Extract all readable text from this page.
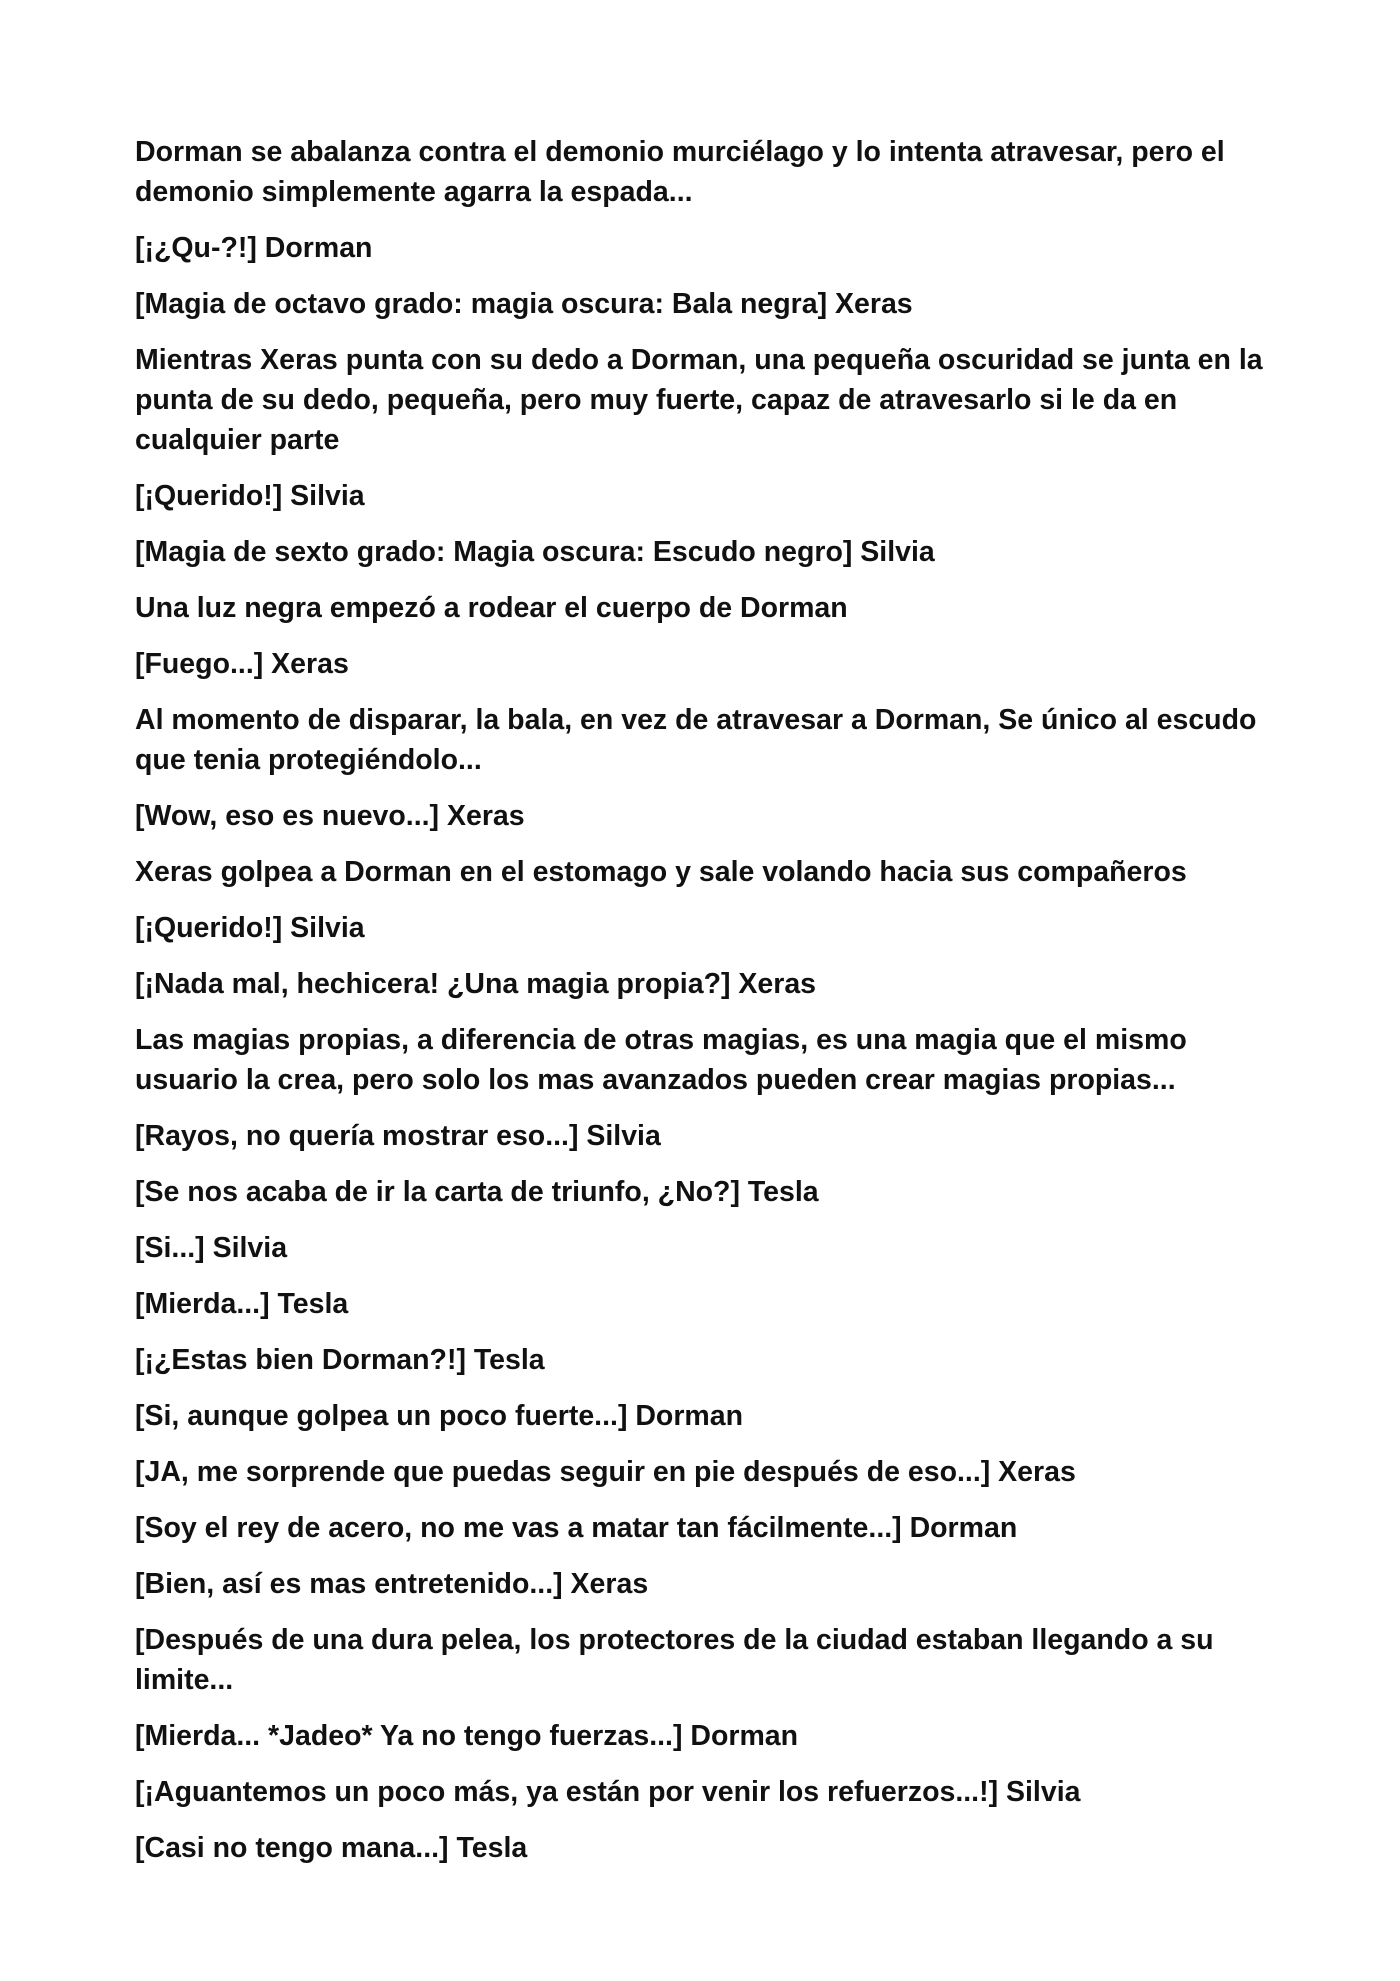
Dorman se abalanza contra el demonio murciélago y lo intenta atravesar, pero el demonio simplemente agarra la espada...

[¡¿Qu-?!] Dorman

[Magia de octavo grado: magia oscura: Bala negra] Xeras

Mientras Xeras punta con su dedo a Dorman, una pequeña oscuridad se junta en la punta de su dedo, pequeña, pero muy fuerte, capaz de atravesarlo si le da en cualquier parte

[¡Querido!] Silvia

[Magia de sexto grado: Magia oscura: Escudo negro] Silvia

Una luz negra empezó a rodear el cuerpo de Dorman

[Fuego...] Xeras

Al momento de disparar, la bala, en vez de atravesar a Dorman, Se único al escudo que tenia protegiéndolo...

[Wow, eso es nuevo...] Xeras

Xeras golpea a Dorman en el estomago y sale volando hacia sus compañeros

[¡Querido!] Silvia

[¡Nada mal, hechicera! ¿Una magia propia?] Xeras

Las magias propias, a diferencia de otras magias, es una magia que el mismo usuario la crea, pero solo los mas avanzados pueden crear magias propias...

[Rayos, no quería mostrar eso...] Silvia

[Se nos acaba de ir la carta de triunfo, ¿No?] Tesla

[Si...] Silvia

[Mierda...] Tesla

[¡¿Estas bien Dorman?!] Tesla

[Si, aunque golpea un poco fuerte...] Dorman

[JA, me sorprende que puedas seguir en pie después de eso...] Xeras

[Soy el rey de acero, no me vas a matar tan fácilmente...] Dorman

[Bien, así es mas entretenido...] Xeras

[Después de una dura pelea, los protectores de la ciudad estaban llegando a su limite...

[Mierda... *Jadeo* Ya no tengo fuerzas...] Dorman

[¡Aguantemos un poco más, ya están por venir los refuerzos...!] Silvia

[Casi no tengo mana...] Tesla
